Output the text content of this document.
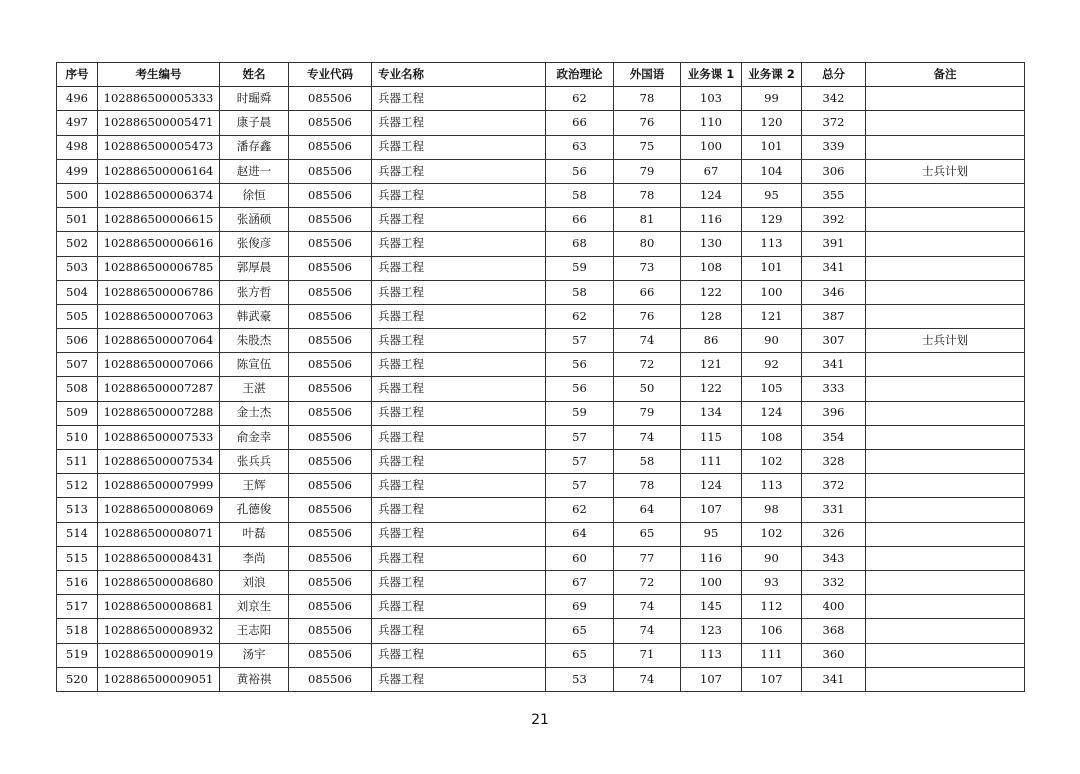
序号	考生编号	姓名	专业代码	专业名称	政治理论	外国语	业务课 1	业务课 2	总分	备注
496	102886500005333	时镼舜	085506	兵器工程	62	78	103	99	342	
497	102886500005471	康子晨	085506	兵器工程	66	76	110	120	372	
498	102886500005473	潘存鑫	085506	兵器工程	63	75	100	101	339	
499	102886500006164	赵进一	085506	兵器工程	56	79	67	104	306	士兵计划
500	102886500006374	徐恒	085506	兵器工程	58	78	124	95	355	
501	102886500006615	张涵硕	085506	兵器工程	66	81	116	129	392	
502	102886500006616	张俊彦	085506	兵器工程	68	80	130	113	391	
503	102886500006785	郭厚晨	085506	兵器工程	59	73	108	101	341	
504	102886500006786	张方哲	085506	兵器工程	58	66	122	100	346	
505	102886500007063	韩武豪	085506	兵器工程	62	76	128	121	387	
506	102886500007064	朱股杰	085506	兵器工程	57	74	86	90	307	士兵计划
507	102886500007066	陈宣伍	085506	兵器工程	56	72	121	92	341	
508	102886500007287	王湛	085506	兵器工程	56	50	122	105	333	
509	102886500007288	金士杰	085506	兵器工程	59	79	134	124	396	
510	102886500007533	俞金幸	085506	兵器工程	57	74	115	108	354	
511	102886500007534	张兵兵	085506	兵器工程	57	58	111	102	328	
512	102886500007999	王辉	085506	兵器工程	57	78	124	113	372	
513	102886500008069	孔德俊	085506	兵器工程	62	64	107	98	331	
514	102886500008071	叶磊	085506	兵器工程	64	65	95	102	326	
515	102886500008431	李尚	085506	兵器工程	60	77	116	90	343	
516	102886500008680	刘浪	085506	兵器工程	67	72	100	93	332	
517	102886500008681	刘京生	085506	兵器工程	69	74	145	112	400	
518	102886500008932	王志阳	085506	兵器工程	65	74	123	106	368	
519	102886500009019	汤宇	085506	兵器工程	65	71	113	111	360	
520	102886500009051	黄裕祺	085506	兵器工程	53	74	107	107	341	
21
